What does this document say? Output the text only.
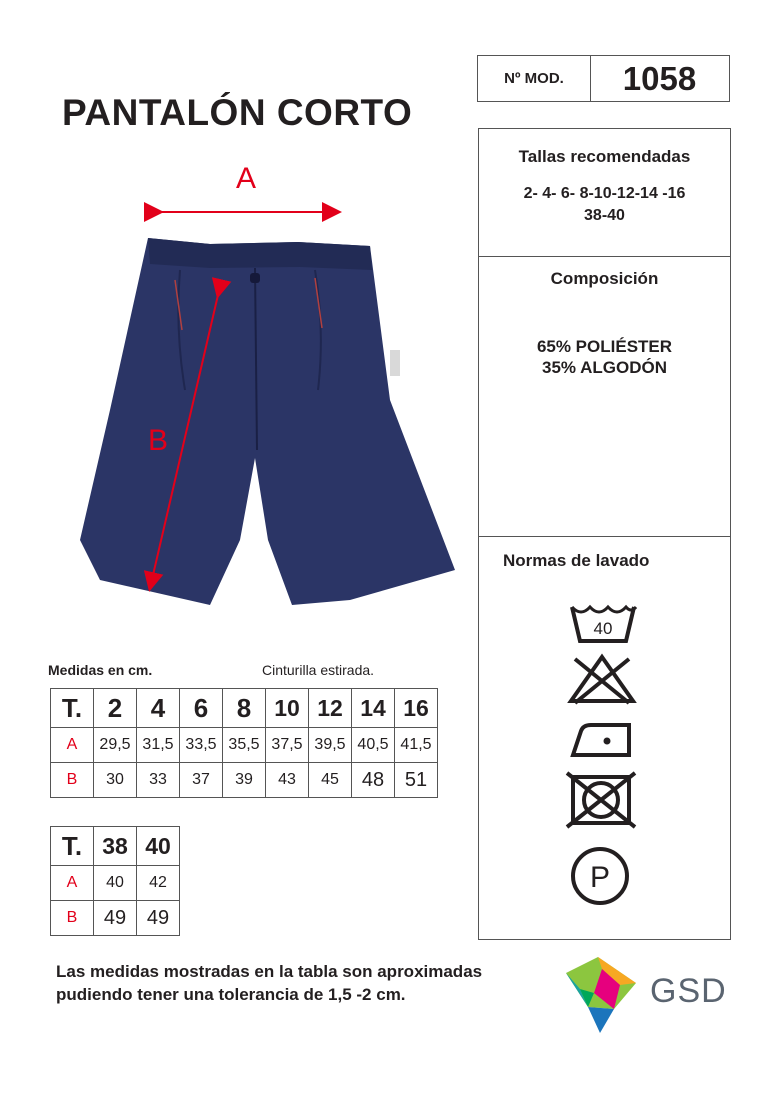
PANTALÓN CORTO
Nº MOD.	1058
A
B
Tallas recomendadas
2- 4- 6- 8-10-12-14 -16
38-40
Composición
65% POLIÉSTER
35% ALGODÓN
Normas de lavado
40
P
Medidas en cm.	Cinturilla estirada.
T.	2	4	6	8	10	12	14	16
A	29,5	31,5	33,5	35,5	37,5	39,5	40,5	41,5
B	30	33	37	39	43	45	48	51
T.	38	40
A	40	42
B	49	49
Las medidas mostradas en la tabla son aproximadas pudiendo tener una tolerancia de 1,5 -2 cm.	GSD
